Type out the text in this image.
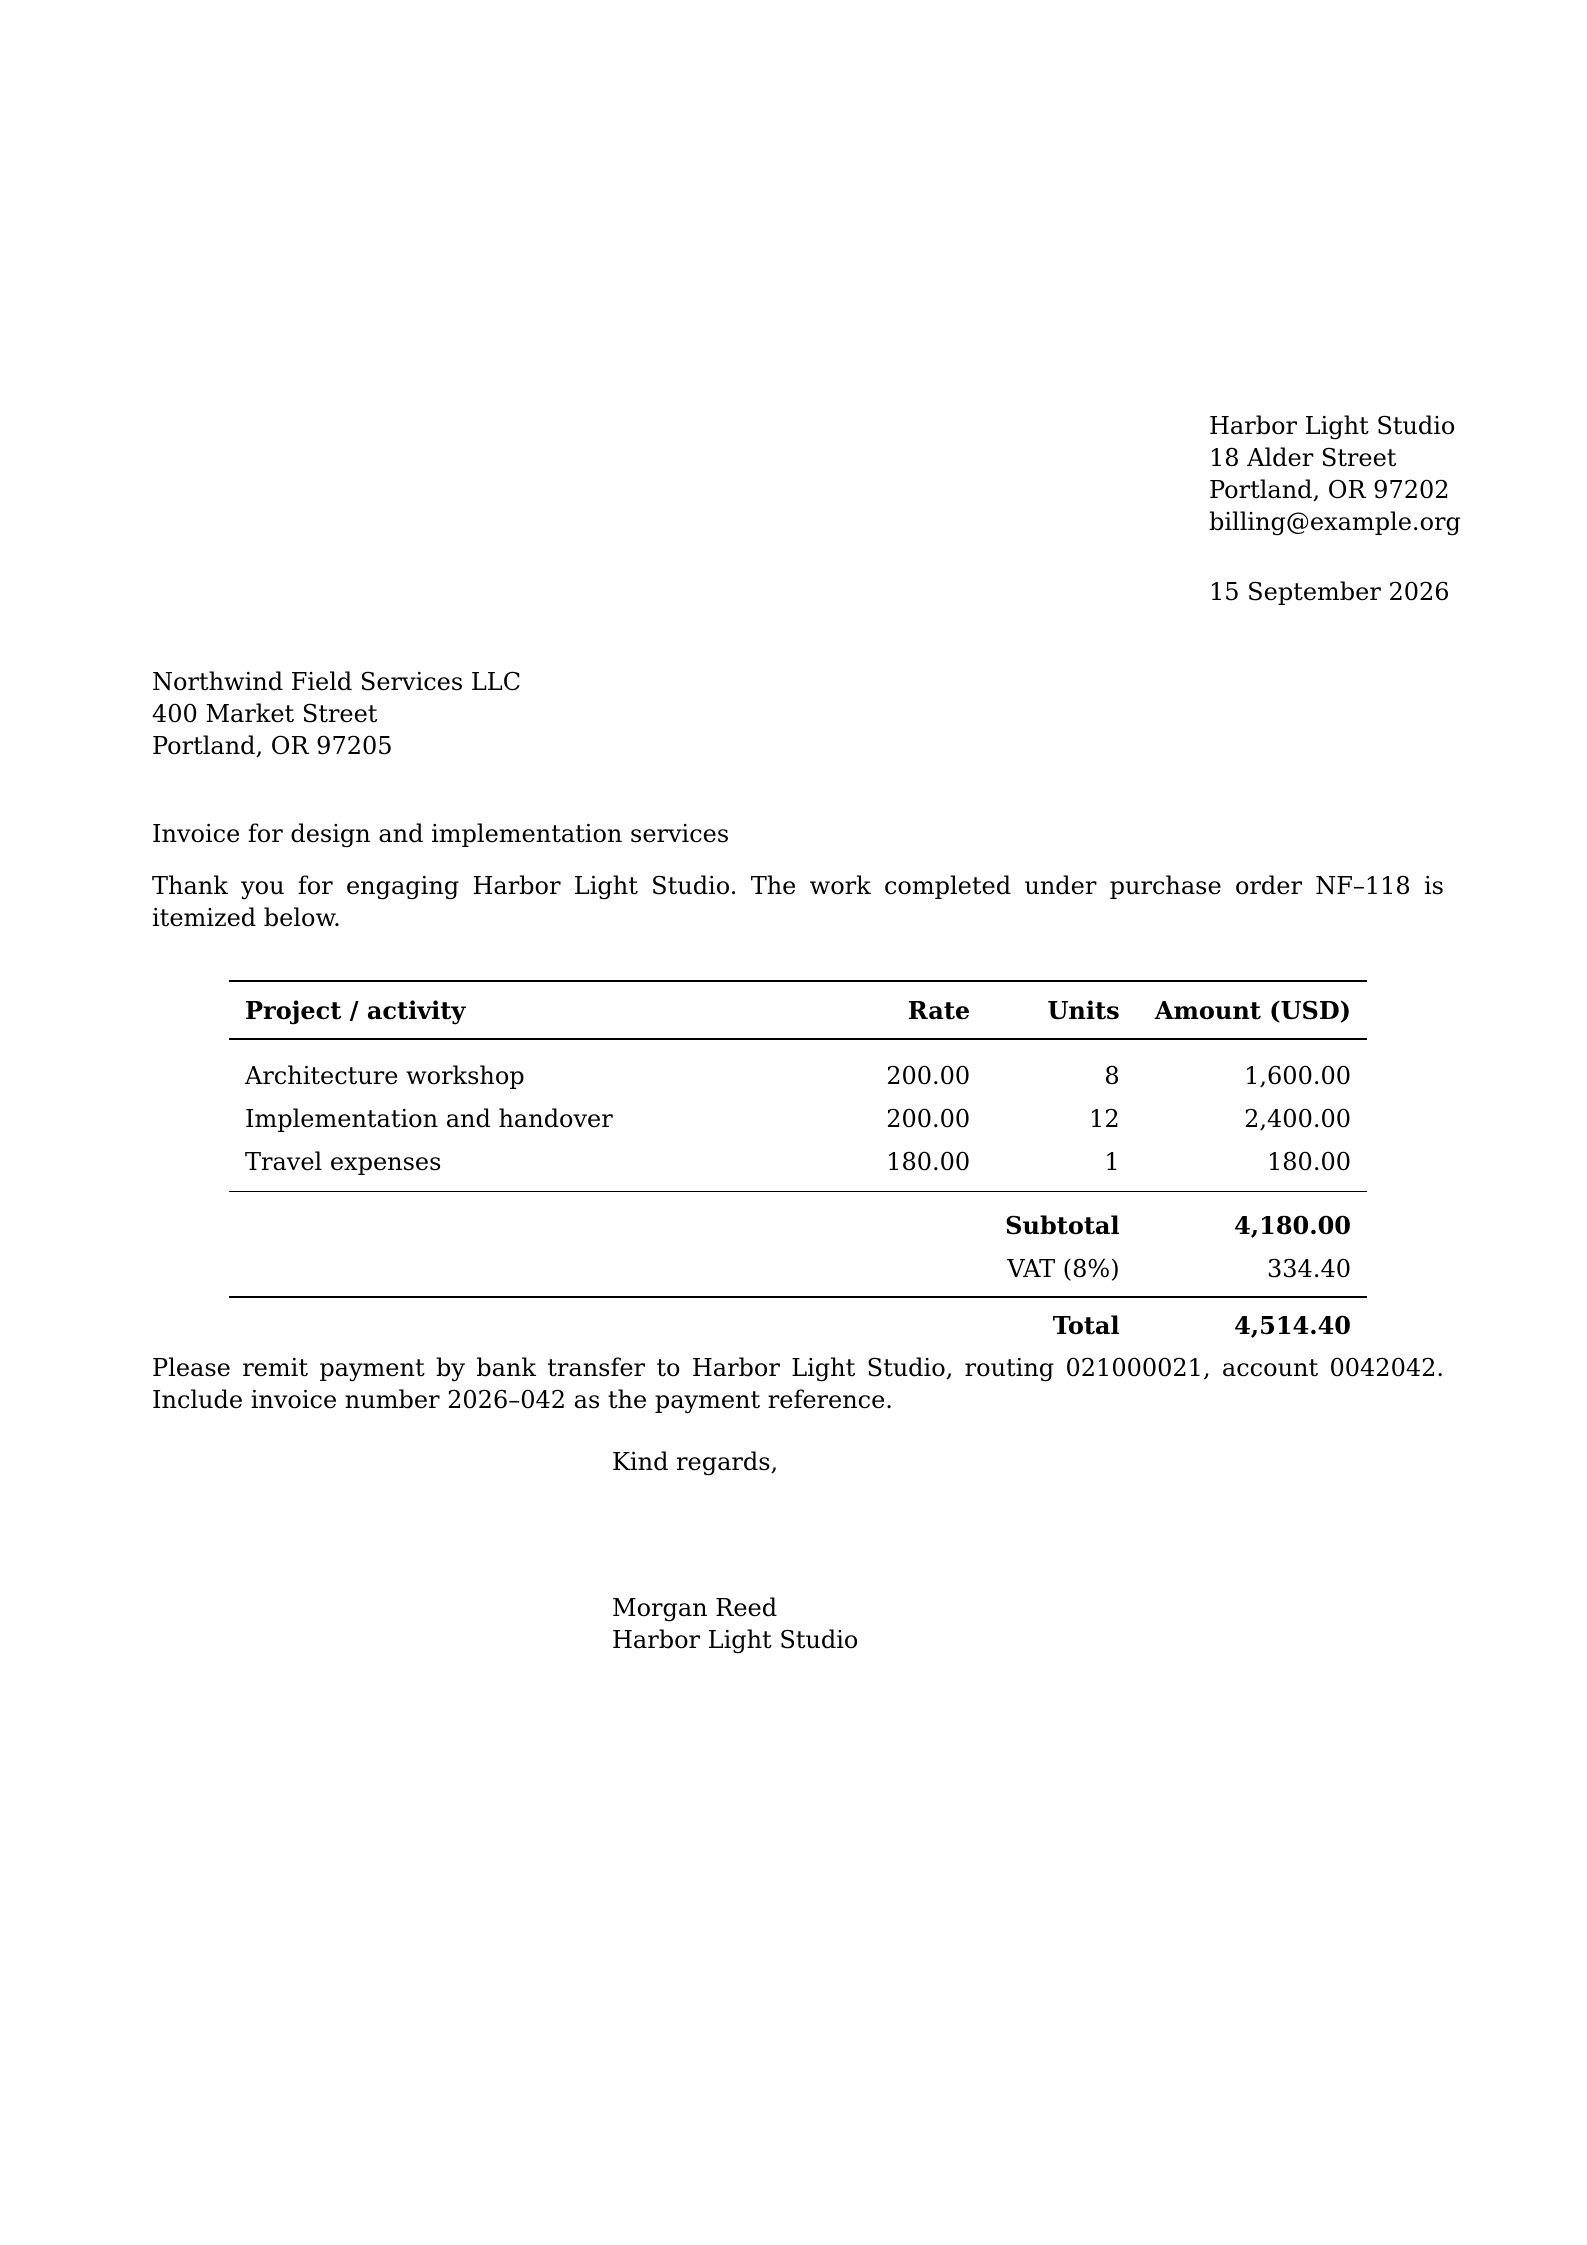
Harbor Light Studio
18 Alder Street
Portland, OR 97202
billing@example.org
15 September 2026
Northwind Field Services LLC
400 Market Street
Portland, OR 97205
Invoice for design and implementation services
Thank you for engaging Harbor Light Studio. The work completed under purchase order NF–118 is itemized below.
Project / activity	Rate	Units	Amount (USD)
Architecture workshop	200.00	8	1,600.00
Implementation and handover	200.00	12	2,400.00
Travel expenses	180.00	1	180.00
		Subtotal	4,180.00
		VAT (8%)	334.40
		Total	4,514.40
Please remit payment by bank transfer to Harbor Light Studio, routing 021000021, account 0042042. Include invoice number 2026–042 as the payment reference.
Kind regards,
Morgan Reed
Harbor Light Studio
